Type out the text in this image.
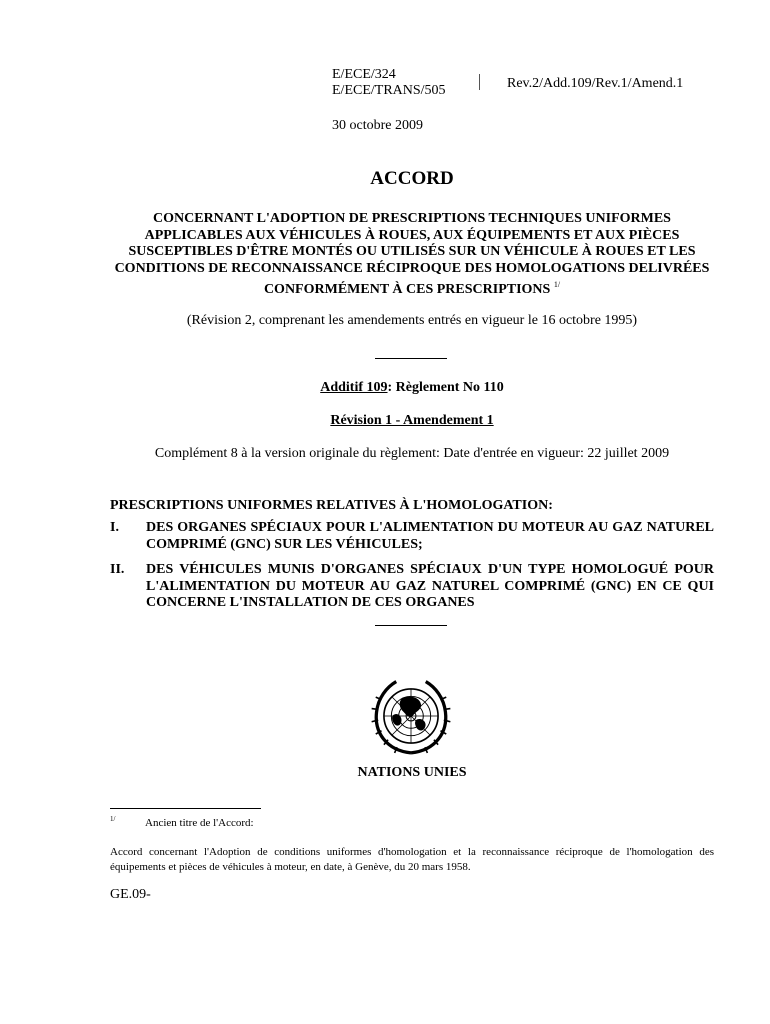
E/ECE/324
E/ECE/TRANS/505	Rev.2/Add.109/Rev.1/Amend.1
30 octobre 2009
ACCORD
CONCERNANT L'ADOPTION DE PRESCRIPTIONS TECHNIQUES UNIFORMES APPLICABLES AUX VÉHICULES À ROUES, AUX ÉQUIPEMENTS ET AUX PIÈCES SUSCEPTIBLES D'ÊTRE MONTÉS OU UTILISÉS SUR UN VÉHICULE À ROUES ET LES CONDITIONS DE RECONNAISSANCE RÉCIPROQUE DES HOMOLOGATIONS DELIVRÉES CONFORMÉMENT À CES PRESCRIPTIONS $^{1/}$
(Révision 2, comprenant les amendements entrés en vigueur le 16 octobre 1995)
Additif 109: Règlement No 110
Révision 1 - Amendement 1
Complément 8 à la version originale du règlement: Date d'entrée en vigueur: 22 juillet 2009
PRESCRIPTIONS UNIFORMES RELATIVES À L'HOMOLOGATION:
I. DES ORGANES SPÉCIAUX POUR L'ALIMENTATION DU MOTEUR AU GAZ NATUREL COMPRIMÉ (GNC) SUR LES VÉHICULES;
II. DES VÉHICULES MUNIS D'ORGANES SPÉCIAUX D'UN TYPE HOMOLOGUÉ POUR L'ALIMENTATION DU MOTEUR AU GAZ NATUREL COMPRIMÉ (GNC) EN CE QUI CONCERNE L'INSTALLATION DE CES ORGANES
NATIONS UNIES
$^{1/}$	Ancien titre de l'Accord:
Accord concernant l'Adoption de conditions uniformes d'homologation et la reconnaissance réciproque de l'homologation des équipements et pièces de véhicules à moteur, en date, à Genève, du 20 mars 1958.
GE.09-
